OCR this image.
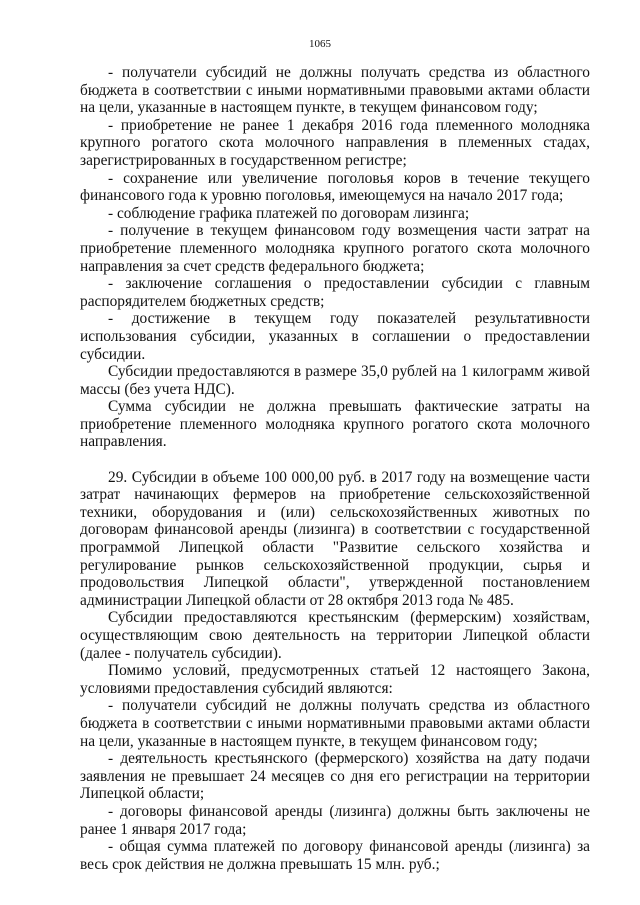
1065

- получатели субсидий не должны получать средства из областного бюджета в соответствии с иными нормативными правовыми актами области на цели, указанные в настоящем пункте, в текущем финансовом году;

- приобретение не ранее 1 декабря 2016 года племенного молодняка крупного рогатого скота молочного направления в племенных стадах, зарегистрированных в государственном регистре;

- сохранение или увеличение поголовья коров в течение текущего финансового года к уровню поголовья, имеющемуся на начало 2017 года;

- соблюдение графика платежей по договорам лизинга;

- получение в текущем финансовом году возмещения части затрат на приобретение племенного молодняка крупного рогатого скота молочного направления за счет средств федерального бюджета;

- заключение соглашения о предоставлении субсидии с главным распорядителем бюджетных средств;

- достижение в текущем году показателей результативности использования субсидии, указанных в соглашении о предоставлении субсидии.

Субсидии предоставляются в размере 35,0 рублей на 1 килограмм живой массы (без учета НДС).

Сумма субсидии не должна превышать фактические затраты на приобретение племенного молодняка крупного рогатого скота молочного направления.

29. Субсидии в объеме 100 000,00 руб. в 2017 году на возмещение части затрат начинающих фермеров на приобретение сельскохозяйственной техники, оборудования и (или) сельскохозяйственных животных по договорам финансовой аренды (лизинга) в соответствии с государственной программой Липецкой области "Развитие сельского хозяйства и регулирование рынков сельскохозяйственной продукции, сырья и продовольствия Липецкой области", утвержденной постановлением администрации Липецкой области от 28 октября 2013 года № 485.

Субсидии предоставляются крестьянским (фермерским) хозяйствам, осуществляющим свою деятельность на территории Липецкой области (далее - получатель субсидии).

Помимо условий, предусмотренных статьей 12 настоящего Закона, условиями предоставления субсидий являются:

- получатели субсидий не должны получать средства из областного бюджета в соответствии с иными нормативными правовыми актами области на цели, указанные в настоящем пункте, в текущем финансовом году;

- деятельность крестьянского (фермерского) хозяйства на дату подачи заявления не превышает 24 месяцев со дня его регистрации на территории Липецкой области;

- договоры финансовой аренды (лизинга) должны быть заключены не ранее 1 января 2017 года;

- общая сумма платежей по договору финансовой аренды (лизинга) за весь срок действия не должна превышать 15 млн. руб.;
